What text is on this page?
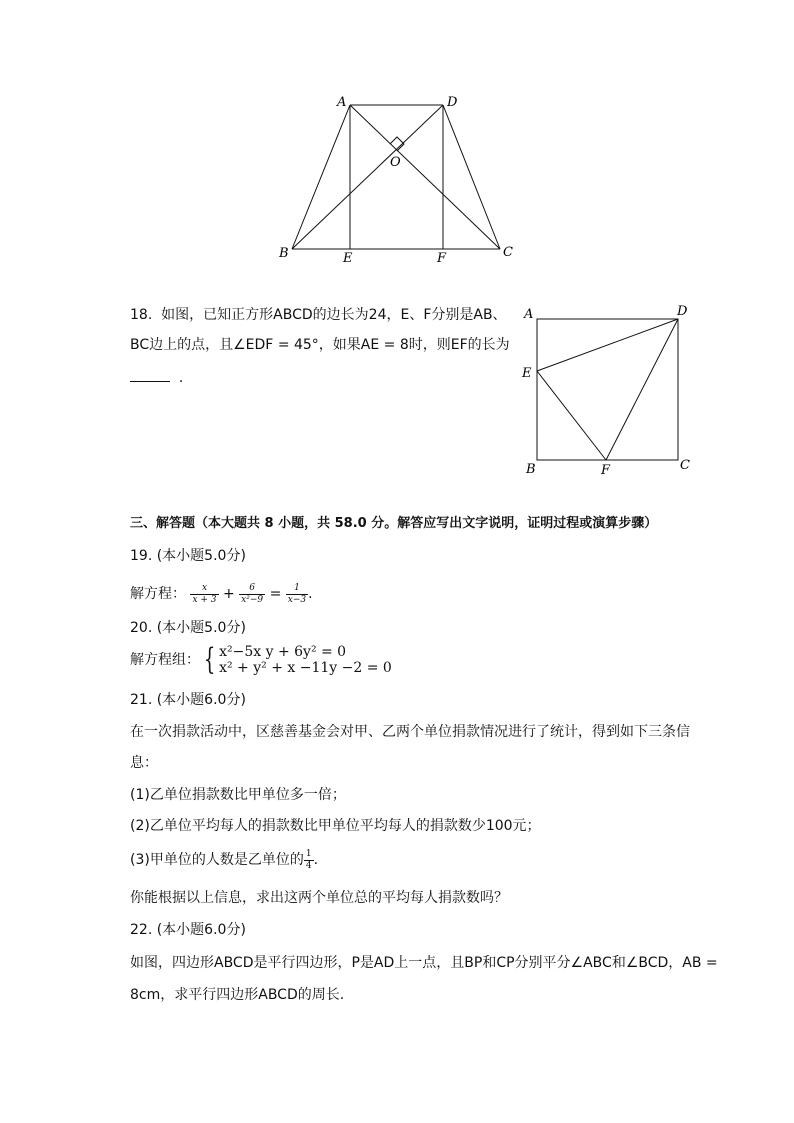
A	D
O
B	E	F	C
18. 如图，已知正方形ABCD的边长为24，E、F分别是AB、
BC边上的点，且∠EDF = 45°，如果AE = 8时，则EF的长为
.
A	D
E
B	F	C
三、解答题（本大题共 8 小题，共 58.0 分。解答应写出文字说明，证明过程或演算步骤）
19. (本小题5.0分)
解方程： $\frac{x}{x + 3} + \frac{6}{\text{x²−9}} = \frac{1}{x-3}$ .
20. (本小题5.0分)
解方程组： { x²−5x y + 6y² = 0
x² + y² + x −11y −2 = 0
21. (本小题6.0分)
在一次捐款活动中，区慈善基金会对甲、乙两个单位捐款情况进行了统计，得到如下三条信
息：
(1)乙单位捐款数比甲单位多一倍；
(2)乙单位平均每人的捐款数比甲单位平均每人的捐款数少100元；
(3)甲单位的人数是乙单位的 $\frac{1}{4}$ .
你能根据以上信息，求出这两个单位总的平均每人捐款数吗？
22. (本小题6.0分)
如图，四边形ABCD是平行四边形，P是AD上一点，且BP和CP分别平分∠ABC和∠BCD，AB =
8cm，求平行四边形ABCD的周长.
